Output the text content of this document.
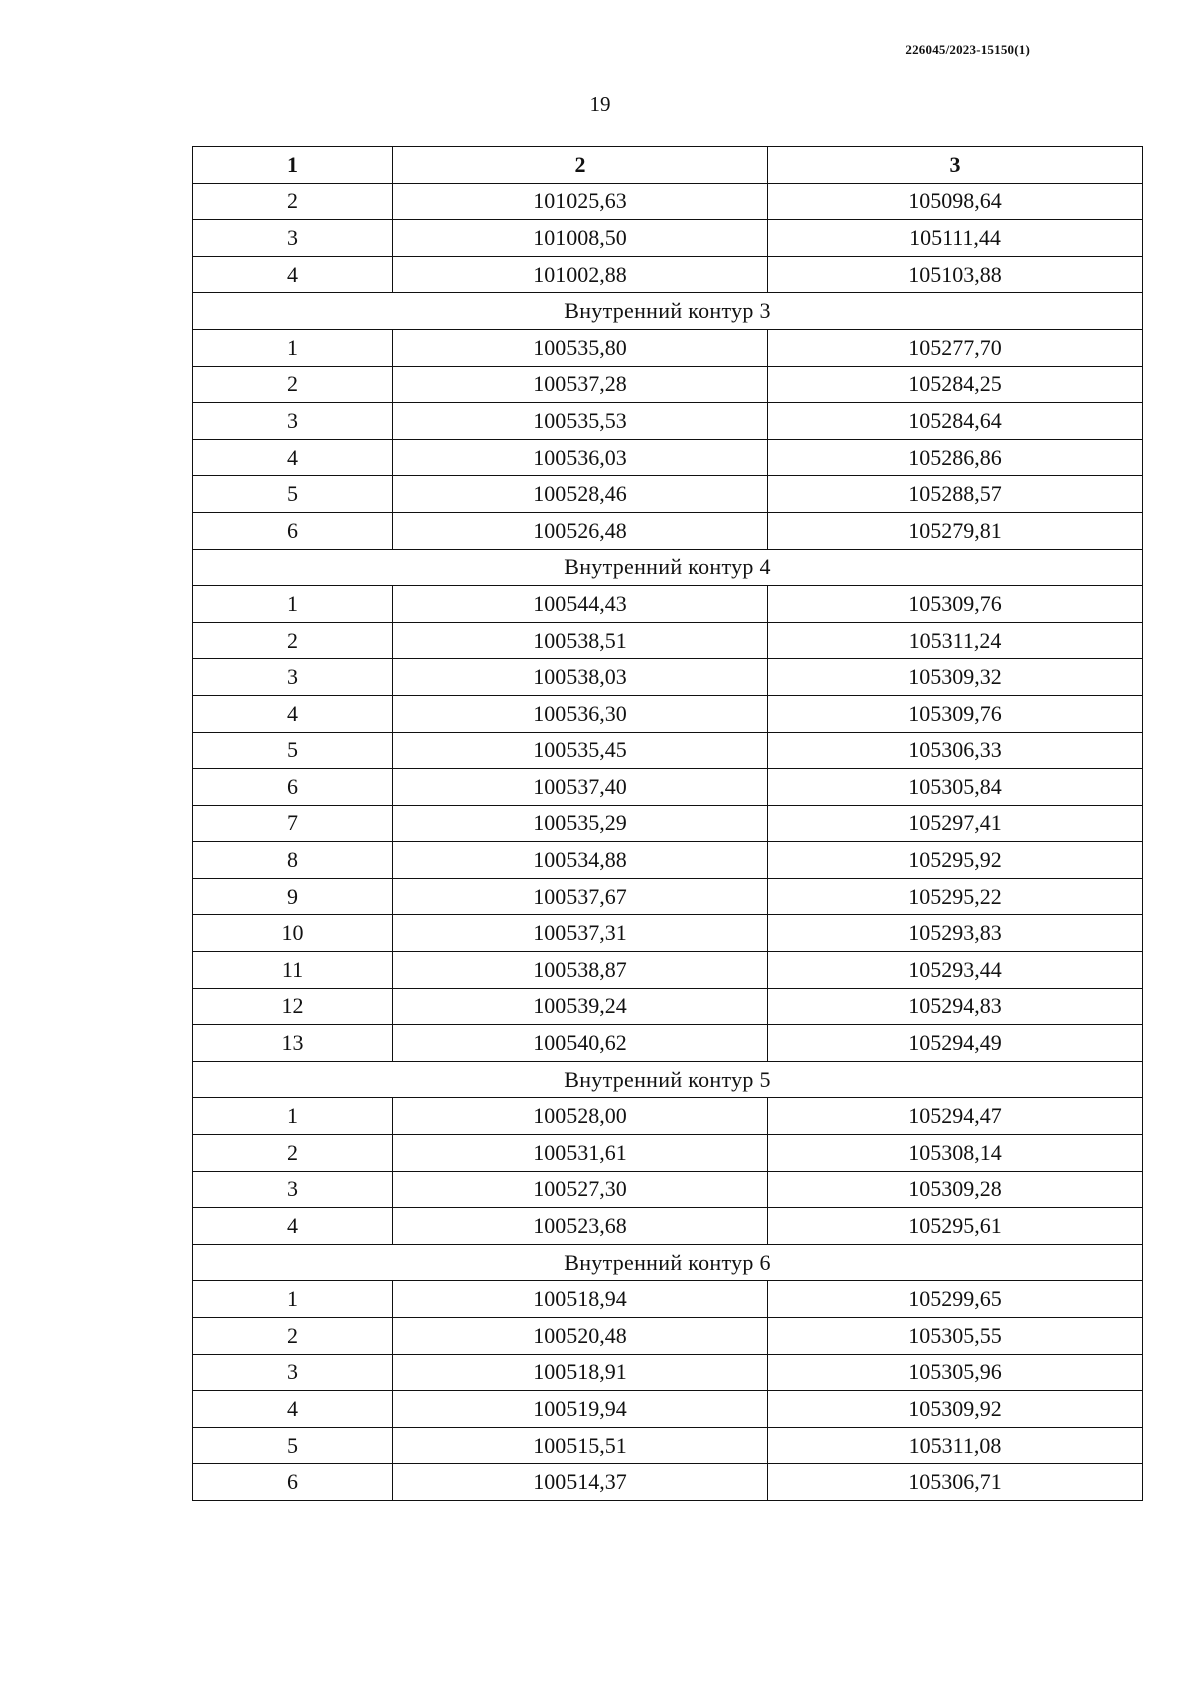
226045/2023-15150(1)
19
1	2	3
2	101025,63	105098,64
3	101008,50	105111,44
4	101002,88	105103,88
Внутренний контур 3		
1	100535,80	105277,70
2	100537,28	105284,25
3	100535,53	105284,64
4	100536,03	105286,86
5	100528,46	105288,57
6	100526,48	105279,81
Внутренний контур 4		
1	100544,43	105309,76
2	100538,51	105311,24
3	100538,03	105309,32
4	100536,30	105309,76
5	100535,45	105306,33
6	100537,40	105305,84
7	100535,29	105297,41
8	100534,88	105295,92
9	100537,67	105295,22
10	100537,31	105293,83
11	100538,87	105293,44
12	100539,24	105294,83
13	100540,62	105294,49
Внутренний контур 5		
1	100528,00	105294,47
2	100531,61	105308,14
3	100527,30	105309,28
4	100523,68	105295,61
Внутренний контур 6		
1	100518,94	105299,65
2	100520,48	105305,55
3	100518,91	105305,96
4	100519,94	105309,92
5	100515,51	105311,08
6	100514,37	105306,71
